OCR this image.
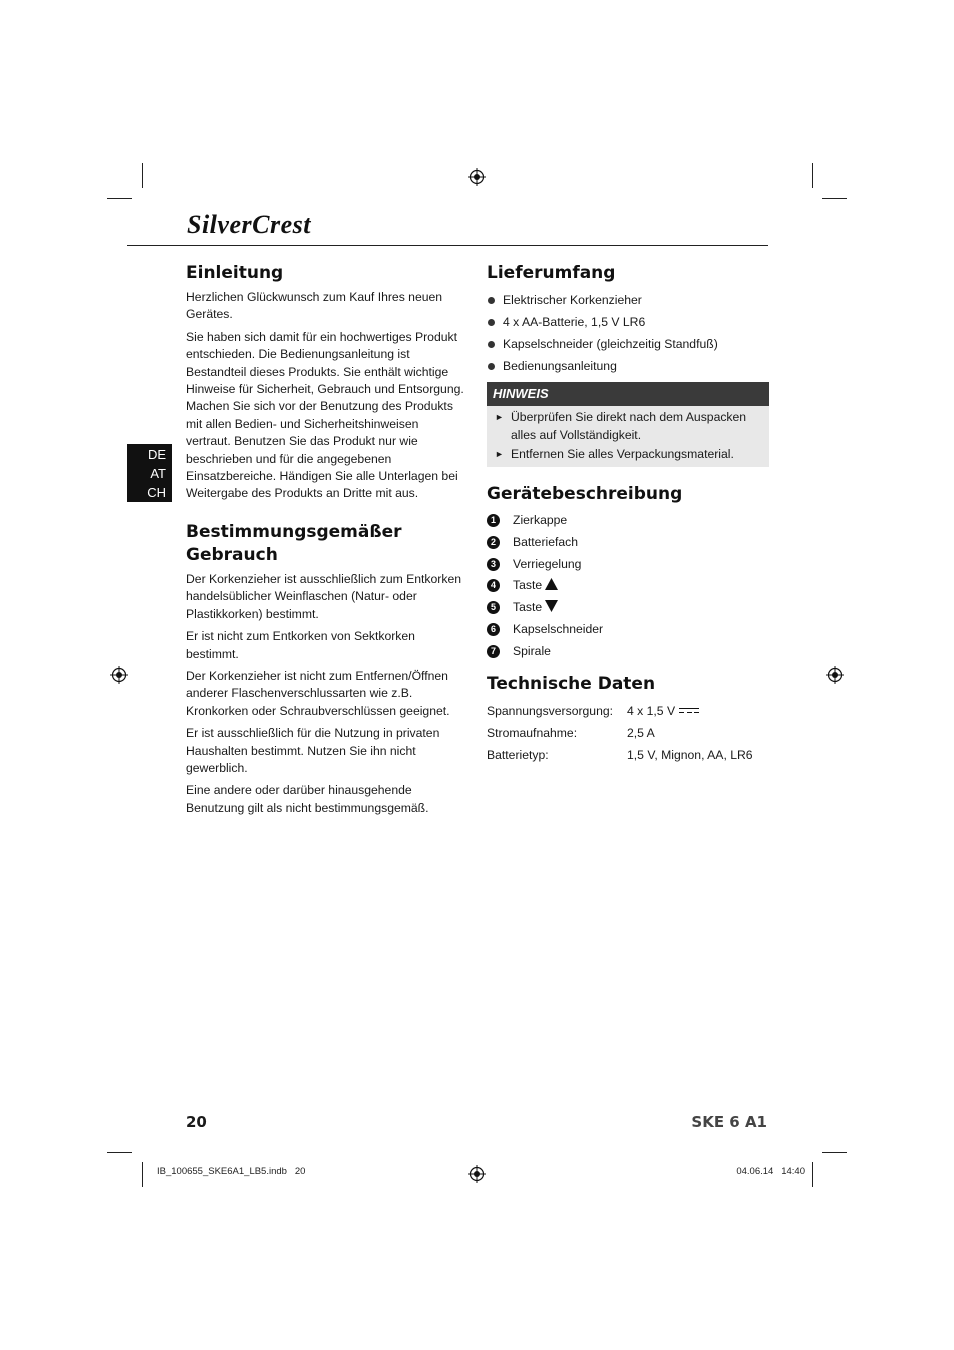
SilverCrest
DE
AT
CH
Einleitung

Herzlichen Glückwunsch zum Kauf Ihres neuen Gerätes.

Sie haben sich damit für ein hochwertiges Produkt entschieden. Die Bedienungsanleitung ist Bestandteil dieses Produkts. Sie enthält wichtige Hinweise für Sicherheit, Gebrauch und Entsorgung. Machen Sie sich vor der Benutzung des Produkts mit allen Bedien- und Sicherheitshinweisen vertraut. Benutzen Sie das Produkt nur wie beschrieben und für die angegebenen Einsatzbereiche. Händigen Sie alle Unterlagen bei Weitergabe des Produkts an Dritte mit aus.

Bestimmungsgemäßer Gebrauch

Der Korkenzieher ist ausschließlich zum Entkorken handelsüblicher Weinflaschen (Natur- oder Plastikkorken) bestimmt.

Er ist nicht zum Entkorken von Sektkorken bestimmt.

Der Korkenzieher ist nicht zum Entfernen/Öffnen anderer Flaschenverschlussarten wie z.B. Kronkorken oder Schraubverschlüssen geeignet.

Er ist ausschließlich für die Nutzung in privaten Haushalten bestimmt. Nutzen Sie ihn nicht gewerblich.

Eine andere oder darüber hinausgehende Benutzung gilt als nicht bestimmungsgemäß.

Lieferumfang
Elektrischer Korkenzieher
4 x AA-Batterie, 1,5 V LR6
Kapselschneider (gleichzeitig Standfuß)
Bedienungsanleitung
HINWEIS
► Überprüfen Sie direkt nach dem Auspacken alles auf Vollständigkeit.
► Entfernen Sie alles Verpackungsmaterial.
Gerätebeschreibung
1	Zierkappe
2	Batteriefach
3	Verriegelung
4	Taste
5	Taste
6	Kapselschneider
7	Spirale
Technische Daten
Spannungsversorgung:	4 x 1,5 V

Stromaufnahme:	2,5 A
Batterietyp:	1,5 V, Mignon, AA, LR6
20	SKE 6 A1
IB_100655_SKE6A1_LB5.indb   20	04.06.14   14:40
